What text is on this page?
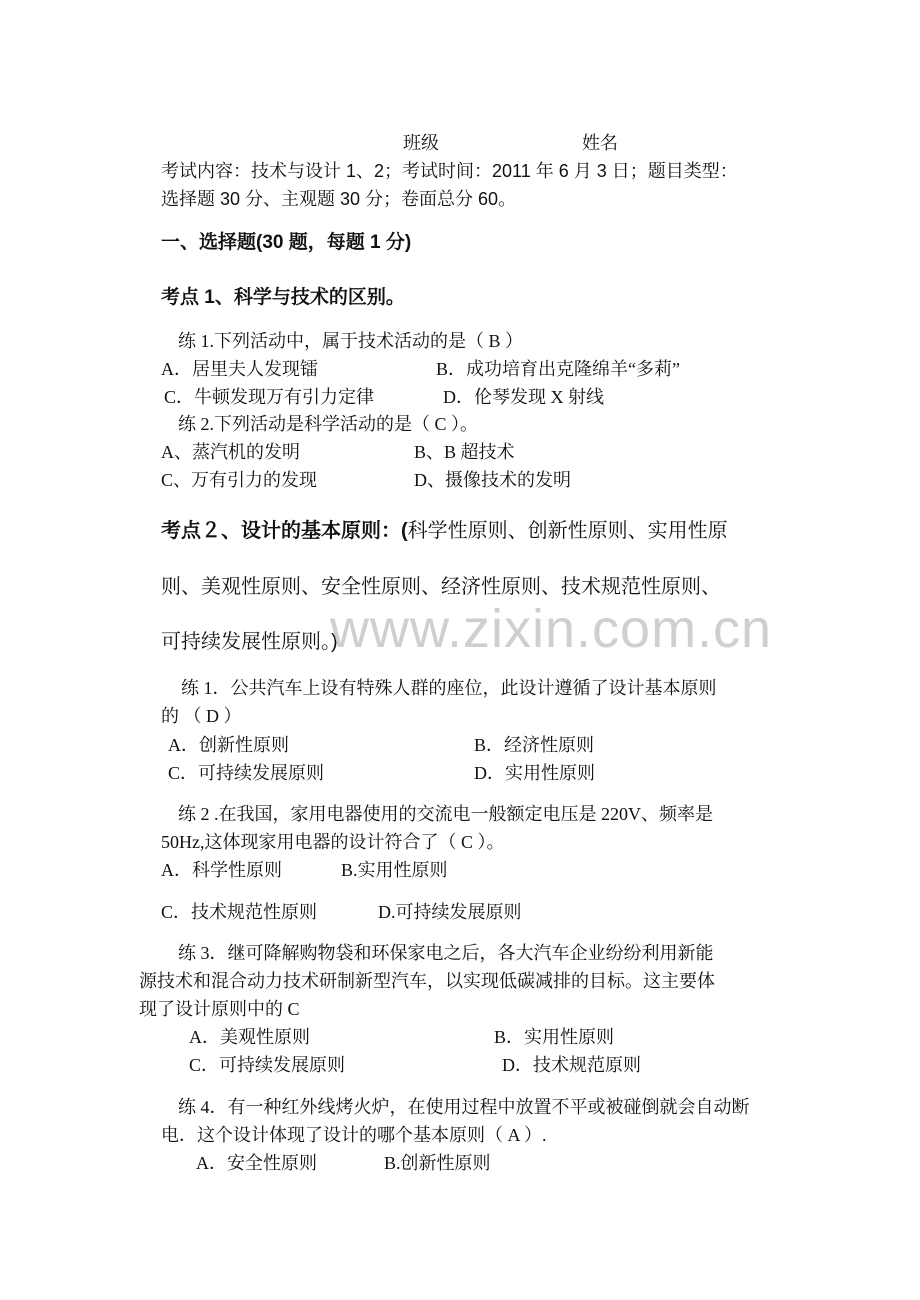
班级	姓名
考试内容：技术与设计 1、2；考试时间：2011 年 6 月 3 日；题目类型：
选择题 30 分、主观题 30 分；卷面总分 60。
一、选择题(30 题，每题 1 分)
考点 1、科学与技术的区别。
练 1.下列活动中，属于技术活动的是（ B ）
A．居里夫人发现镭	B．成功培育出克隆绵羊“多莉”
C．牛顿发现万有引力定律	D．伦琴发现 X 射线
练 2.下列活动是科学活动的是（ C ）。
A、蒸汽机的发明	B、B 超技术
C、万有引力的发现	D、摄像技术的发明
考点２、设计的基本原则：(科学性原则、创新性原则、实用性原
则、美观性原则、安全性原则、经济性原则、技术规范性原则、
可持续发展性原则。)
www.zixin.com.cn
练 1．公共汽车上设有特殊人群的座位，此设计遵循了设计基本原则
的 （ D ）
A．创新性原则	B．经济性原则
C．可持续发展原则	D．实用性原则
练 2 .在我国，家用电器使用的交流电一般额定电压是 220V、频率是
50Hz,这体现家用电器的设计符合了（ C ）。
A．科学性原则	B.实用性原则
C．技术规范性原则	D.可持续发展原则
练 3．继可降解购物袋和环保家电之后，各大汽车企业纷纷利用新能
源技术和混合动力技术研制新型汽车，以实现低碳减排的目标。这主要体
现了设计原则中的 C
A．美观性原则	B．实用性原则
C．可持续发展原则	D．技术规范原则
练 4．有一种红外线烤火炉，在使用过程中放置不平或被碰倒就会自动断
电．这个设计体现了设计的哪个基本原则（ A ）.
A．安全性原则	B.创新性原则
